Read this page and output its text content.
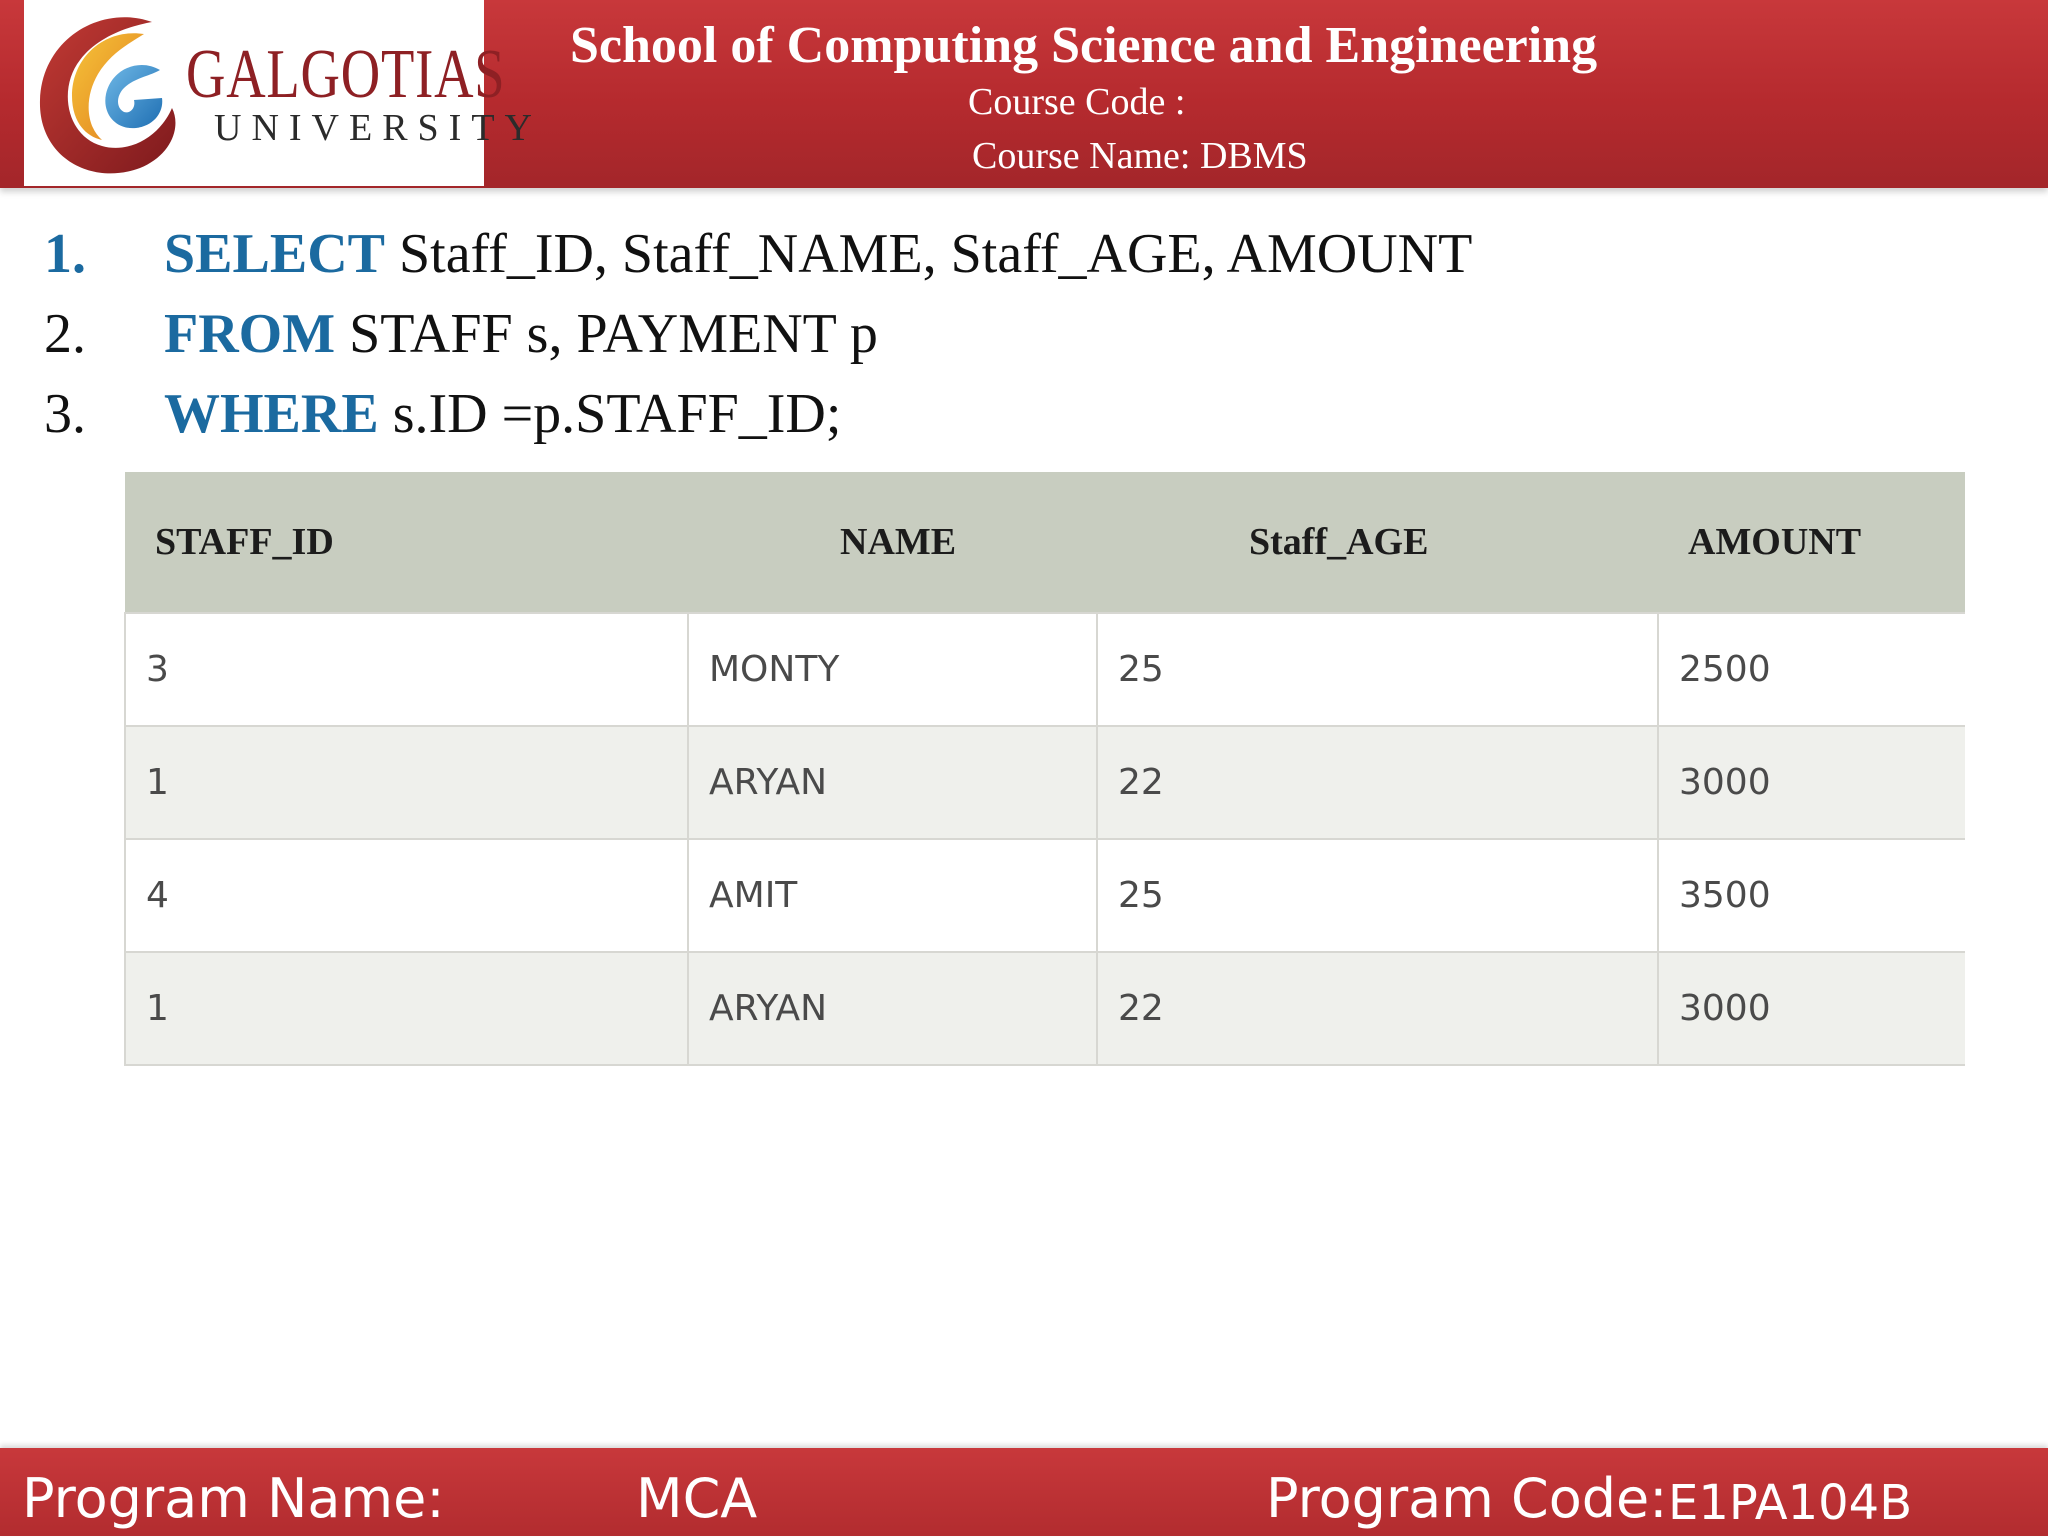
GALGOTIAS
UNIVERSITY
School of Computing Science and Engineering
Course Code :
Course Name: DBMS
1. SELECT Staff_ID, Staff_NAME, Staff_AGE, AMOUNT
2. FROM STAFF s, PAYMENT p
3. WHERE s.ID =p.STAFF_ID;
STAFF_ID	NAME	Staff_AGE	AMOUNT

3	MONTY	25	2500
1	ARYAN	22	3000
4	AMIT	25	3500
1	ARYAN	22	3000
Program Name:	MCA	Program Code: E1PA104B
